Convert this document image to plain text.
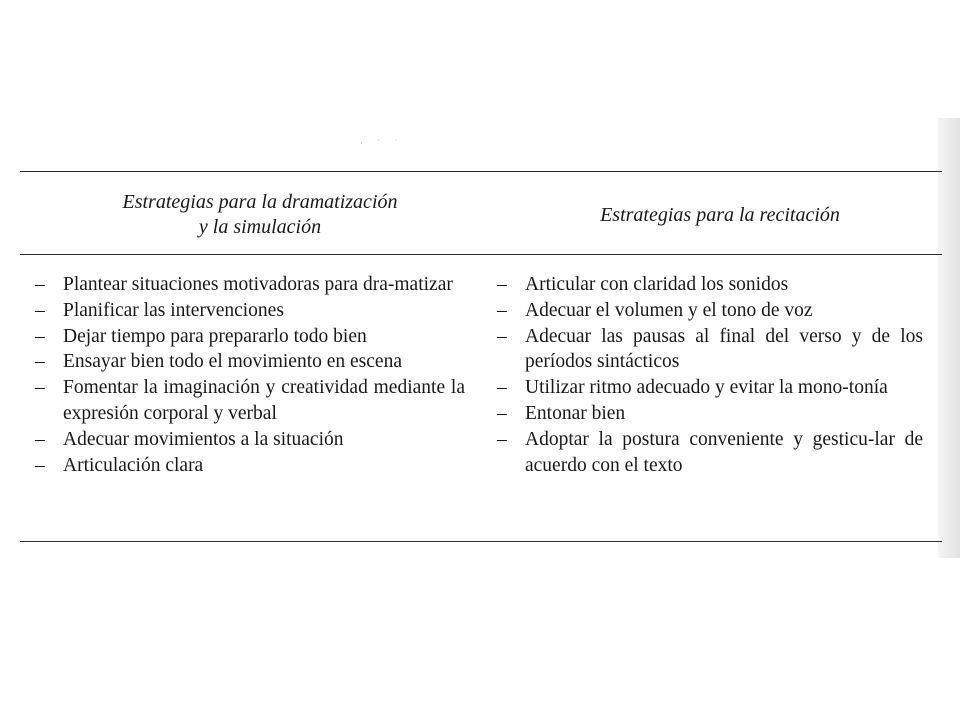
· ˙ ˙
Estrategias para la dramatización
y la simulación
Estrategias para la recitación
– Plantear situaciones motivadoras para dra-matizar
– Planificar las intervenciones
– Dejar tiempo para prepararlo todo bien
– Ensayar bien todo el movimiento en escena
– Fomentar la imaginación y creatividad mediante la expresión corporal y verbal
– Adecuar movimientos a la situación
– Articulación clara
– Articular con claridad los sonidos
– Adecuar el volumen y el tono de voz
– Adecuar las pausas al final del verso y de los períodos sintácticos
– Utilizar ritmo adecuado y evitar la mono-tonía
– Entonar bien
– Adoptar la postura conveniente y gesticu-lar de acuerdo con el texto
